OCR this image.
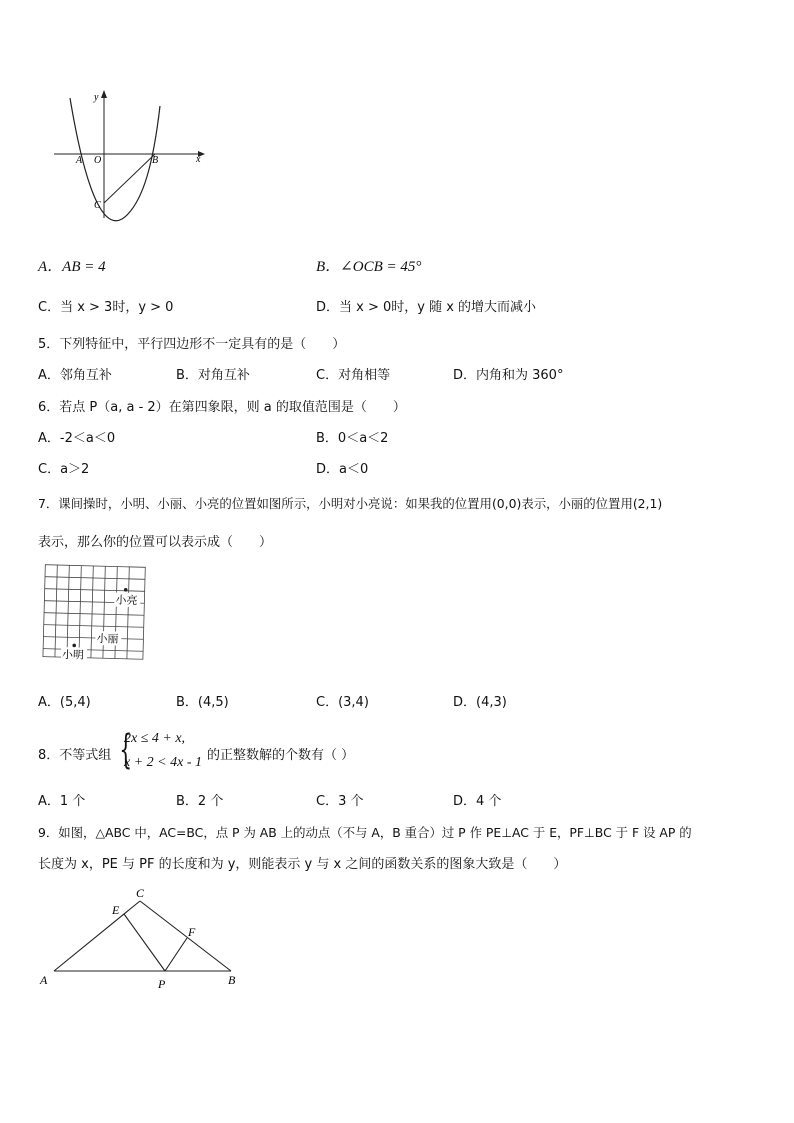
y
x
A O	B
C
A．AB = 4	B．∠OCB = 45°
C．当 x > 3时，y > 0	D．当 x > 0时，y 随 x 的增大而减小
5．下列特征中，平行四边形不一定具有的是（　　）
A．邻角互补	B．对角互补	C．对角相等	D．内角和为 360°
6．若点 P（a, a - 2）在第四象限，则 a 的取值范围是（　　）
A．-2＜a＜0	B．0＜a＜2
C．a＞2	D．a＜0
7．课间操时，小明、小丽、小亮的位置如图所示，小明对小亮说：如果我的位置用(0,0)表示，小丽的位置用(2,1)
表示，那么你的位置可以表示成（　　）
小亮
小丽
小明
A．(5,4)	B．(4,5)	C．(3,4)	D．(4,3)
8．不等式组 {
2x ≤ 4 + x,
x + 2 < 4x - 1 的正整数解的个数有（ ）
A．1 个	B．2 个	C．3 个	D．4 个
9．如图，△ABC 中，AC=BC，点 P 为 AB 上的动点（不与 A，B 重合）过 P 作 PE⊥AC 于 E，PF⊥BC 于 F 设 AP 的
长度为 x，PE 与 PF 的长度和为 y，则能表示 y 与 x 之间的函数关系的图象大致是（　　）
C
E
F
A	P	B
